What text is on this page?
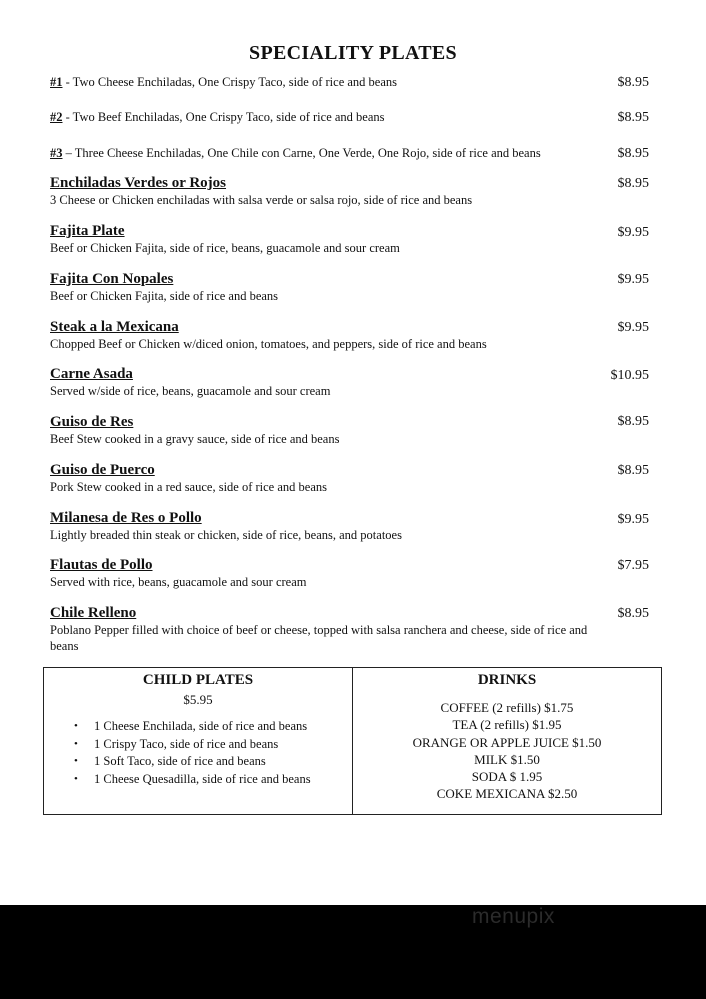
SPECIALITY PLATES
#1 - Two Cheese Enchiladas, One Crispy Taco, side of rice and beans	$8.95
#2 - Two Beef Enchiladas, One Crispy Taco, side of rice and beans	$8.95
#3 – Three Cheese Enchiladas, One Chile con Carne, One Verde, One Rojo, side of rice and beans	$8.95
Enchiladas Verdes or Rojos
3 Cheese or Chicken enchiladas with salsa verde or salsa rojo, side of rice and beans
$8.95
Fajita Plate
Beef or Chicken Fajita, side of rice, beans, guacamole and sour cream
$9.95
Fajita Con Nopales
Beef or Chicken Fajita, side of rice and beans
$9.95
Steak a la Mexicana
Chopped Beef or Chicken w/diced onion, tomatoes, and peppers, side of rice and beans
$9.95
Carne Asada
Served w/side of rice, beans, guacamole and sour cream
$10.95
Guiso de Res
Beef Stew cooked in a gravy sauce, side of rice and beans
$8.95
Guiso de Puerco
Pork Stew cooked in a red sauce, side of rice and beans
$8.95
Milanesa de Res o Pollo
Lightly breaded thin steak or chicken, side of rice, beans, and potatoes
$9.95
Flautas de Pollo
Served with rice, beans, guacamole and sour cream
$7.95
Chile Relleno
Poblano Pepper filled with choice of beef or cheese, topped with salsa ranchera and cheese, side of rice and beans
$8.95
CHILD PLATES
$5.95
• 1 Cheese Enchilada, side of rice and beans
• 1 Crispy Taco, side of rice and beans
• 1 Soft Taco, side of rice and beans
• 1 Cheese Quesadilla, side of rice and beans
DRINKS
COFFEE (2 refills) $1.75
TEA (2 refills) $1.95
ORANGE OR APPLE JUICE $1.50
MILK $1.50
SODA $ 1.95
COKE MEXICANA $2.50
menupix
